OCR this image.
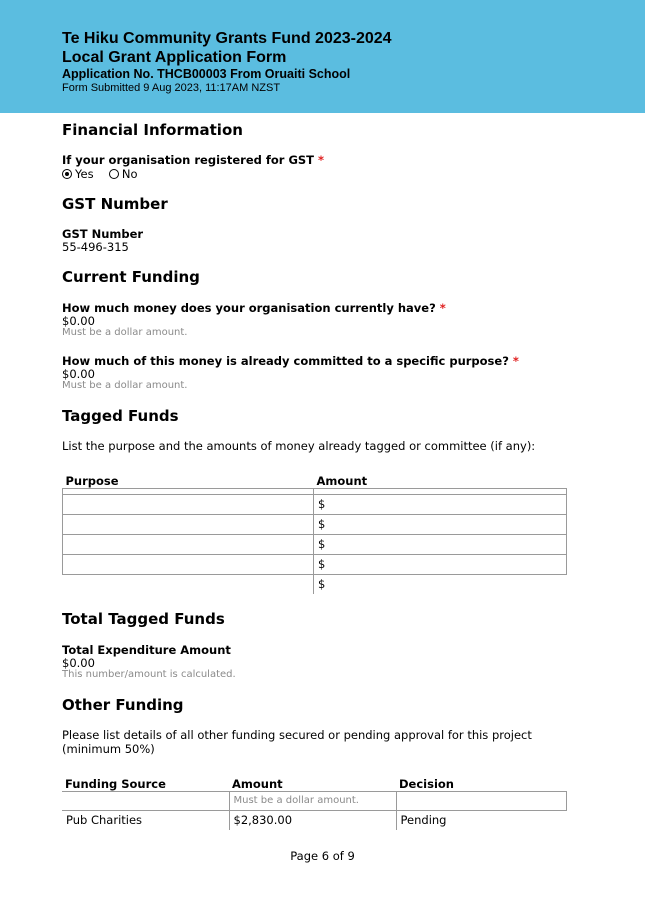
Te Hiku Community Grants Fund 2023-2024
Local Grant Application Form
Application No. THCB00003 From Oruaiti School
Form Submitted 9 Aug 2023, 11:17AM NZST
Financial Information
If your organisation registered for GST *
Yes No
GST Number
GST Number
55-496-315
Current Funding
How much money does your organisation currently have? *
$0.00
Must be a dollar amount.
How much of this money is already committed to a specific purpose? *
$0.00
Must be a dollar amount.
Tagged Funds
List the purpose and the amounts of money already tagged or committee (if any):
Purpose	Amount

	$
	$
	$
	$
	$
Total Tagged Funds
Total Expenditure Amount
$0.00
This number/amount is calculated.
Other Funding
Please list details of all other funding secured or pending approval for this project (minimum 50%)
Funding Source	Amount	Decision
	Must be a dollar amount.	
Pub Charities	$2,830.00	Pending
Page 6 of 9
